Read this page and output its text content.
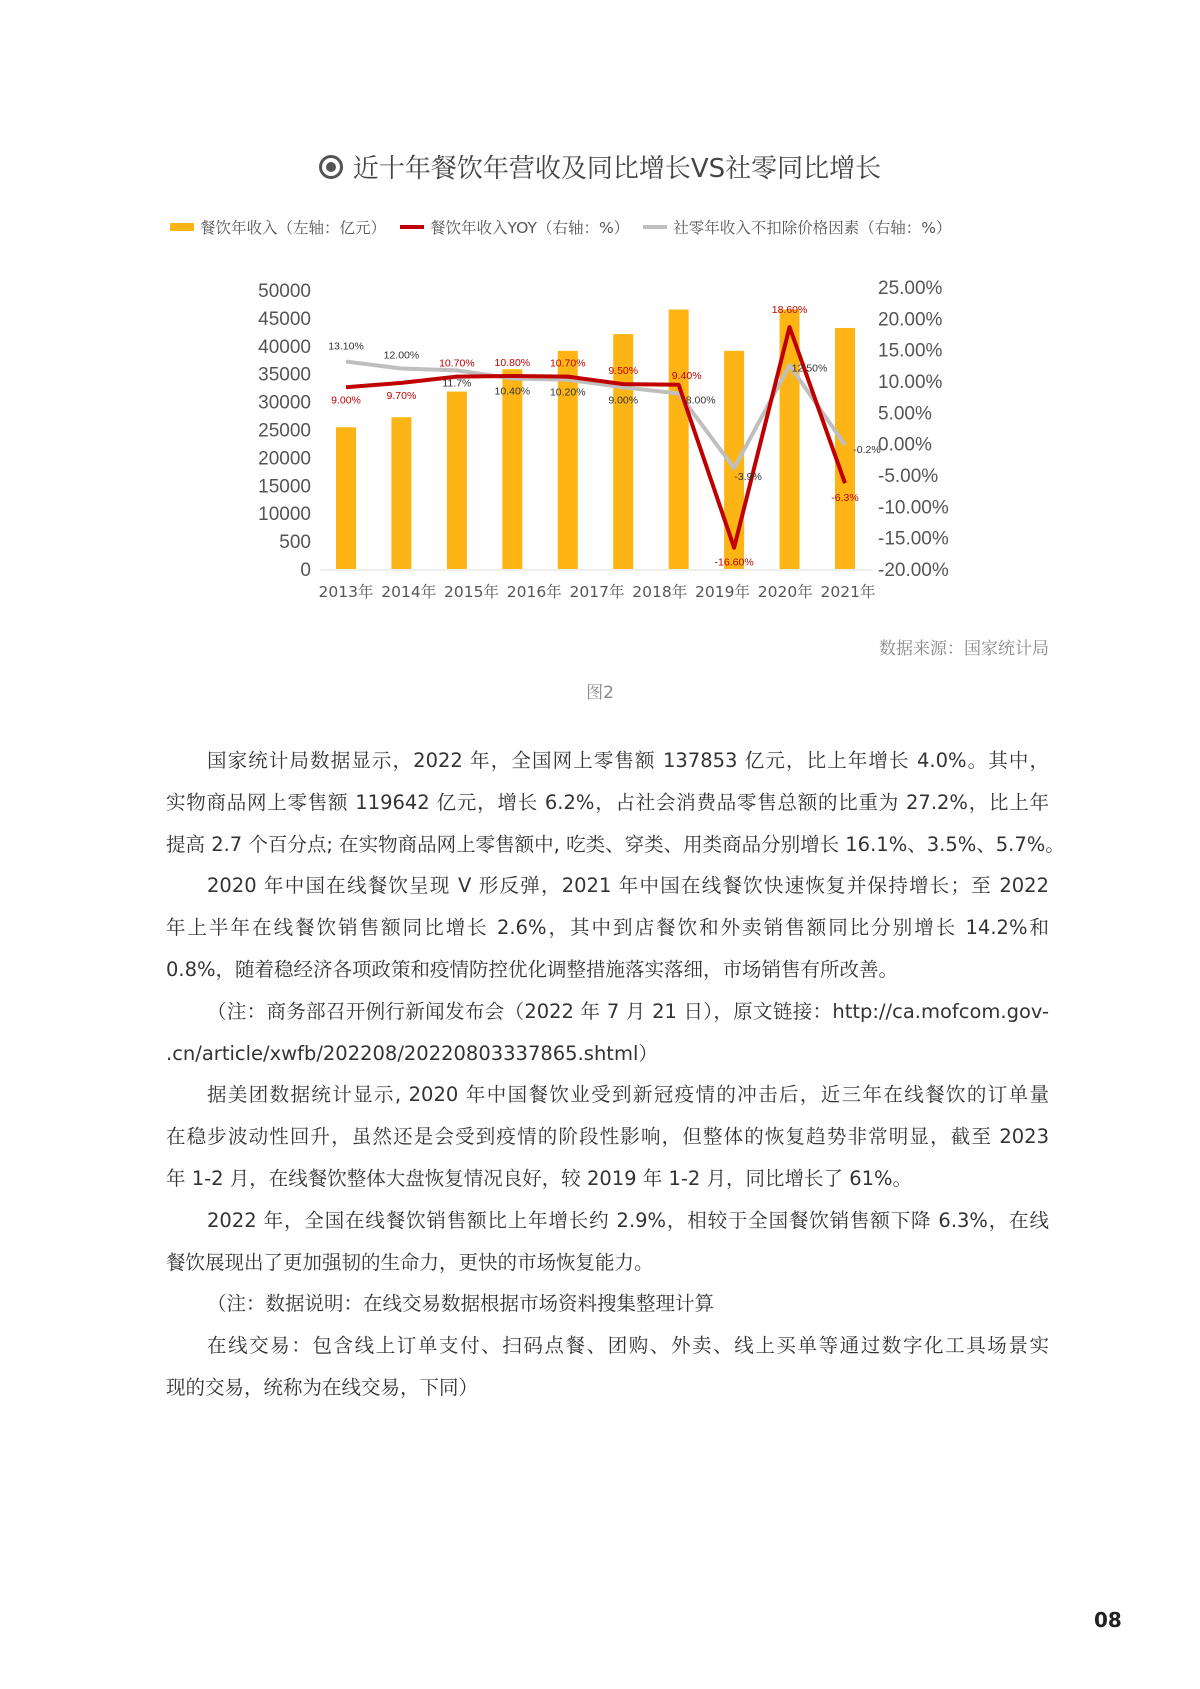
近十年餐饮年营收及同比增长VS社零同比增长
餐饮年收入（左轴：亿元）	餐饮年收入YOY（右轴：%）	社零年收入不扣除价格因素（右轴：%）
0
500
10000
15000
20000
25000
30000
35000
40000
45000
50000
-20.00%
-15.00%
-10.00%
-5.00%
0.00%
5.00%
10.00%
15.00%
20.00%
25.00%
9.00% 9.70%
10.70% 10.80% 10.70%
9.50%	9.40%
-16.60%
18.60%
-6.3%
13.10%
12.00%
11.7%
10.40% 10.20%
9.00%	8.00%
-3.9%
12.50%
-0.2%
2013年 2014年 2015年 2016年 2017年 2018年 2019年 2020年 2021年
数据来源：国家统计局
图2
国家统计局数据显示，2022 年，全国网上零售额 137853 亿元，比上年增长 4.0%。其中，
实物商品网上零售额 119642 亿元，增长 6.2%，占社会消费品零售总额的比重为 27.2%，比上年
提高 2.7 个百分点; 在实物商品网上零售额中, 吃类、穿类、用类商品分别增长 16.1%、3.5%、5.7%。
2020 年中国在线餐饮呈现 V 形反弹，2021 年中国在线餐饮快速恢复并保持增长；至 2022
年上半年在线餐饮销售额同比增长 2.6%，其中到店餐饮和外卖销售额同比分别增长 14.2%和
0.8%，随着稳经济各项政策和疫情防控优化调整措施落实落细，市场销售有所改善。
（注：商务部召开例行新闻发布会（2022 年 7 月 21 日），原文链接：http://ca.mofcom.gov-
.cn/article/xwfb/202208/20220803337865.shtml）
据美团数据统计显示, 2020 年中国餐饮业受到新冠疫情的冲击后，近三年在线餐饮的订单量
在稳步波动性回升，虽然还是会受到疫情的阶段性影响，但整体的恢复趋势非常明显，截至 2023
年 1-2 月，在线餐饮整体大盘恢复情况良好，较 2019 年 1-2 月，同比增长了 61%。
2022 年，全国在线餐饮销售额比上年增长约 2.9%，相较于全国餐饮销售额下降 6.3%，在线
餐饮展现出了更加强韧的生命力，更快的市场恢复能力。
（注：数据说明：在线交易数据根据市场资料搜集整理计算
在线交易：包含线上订单支付、扫码点餐、团购、外卖、线上买单等通过数字化工具场景实
现的交易，统称为在线交易，下同）
08
